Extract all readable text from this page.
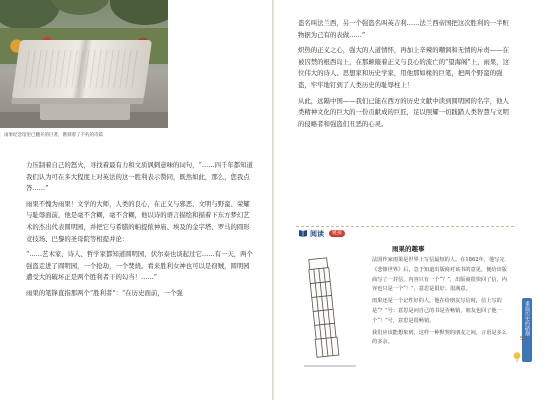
雨果纪念馆里已翻开的巨著，镌刻着了不朽的诗篇

力压制着自己的怒火，寻找着最有力和文质讽刺意味的词句，“……四千年都知道我们认为可在多大程度上对英法的这一胜利表示赞同，既然如此，那么，您我点答……”

雨果不愧为雨果！文学的大师，人类的良心，在正义与邪恶、文明与野蛮、荣耀与耻辱面前，他是毫不含糊，毫不含糊，他以诗的语言描绘和描着下东方梦幻艺术的杰出代表圆明园，并把它与希腊的帕提侬神庙、埃及的金字塔、罗马的圆形竞技场、巴黎的圣母院等相提并论：

“……艺术家、诗人、哲学家都知道圆明园，伏尔泰也谈起过它……有一天，两个强盗走进了圆明园，一个抢劫，一个焚烧。看来胜利女神也可以是窃贼，圆明园遭受大的破坏正是两个胜利者干的勾当！……”

雨果的笔锋直指那两个“胜利者”：“在历史面前，一个强

盗名叫法兰西，另一个强盗名叫英吉利……法兰西帝国把这次胜利的一半赃物据为己有的表做……”

炽热的正义之心，强大的人道情怀，再加上辛辣的嘲讽和无情的斥责——在被囚禁的根西岛上，在那颠簸着正义与良心的流亡的“望海阁”上，雨果，这位伟大的诗人、思想家和历史学家，用他那如椽的巨笔，把两个野蛮的强盗，牢牢地钉到了人类历史的耻辱柱上！

从此，远隔中国——我们已能在西方的历史文献中读到圆明园的名字，他人类精神文化的巨大的一份贡献成的巨匠，足以照耀一切践踏人类智慧与文明的侵略者和强盗们丑恶的心灵。

阅读	链接
雨果的趣事

法国作家雨果是世界上写信最短的人。在1862年，他写完《悲惨世界》后，急于知道出版商对该书的意见，便给出版商写了一封信，内容只有一个“？”，出版商很快回了信，内容也只是一个“！”，意思是很好、很满意。

雨果还是一个记性好的人。他在给朋友写信时，信上写的是“？”号：意思是问自己的书是否畅销，朋友也回了他一个“！”号，意思是很畅销。

我们应该能想象到，这样一种默契的朋友之间，言语是多么的多余。

重温历史的硝烟
53
